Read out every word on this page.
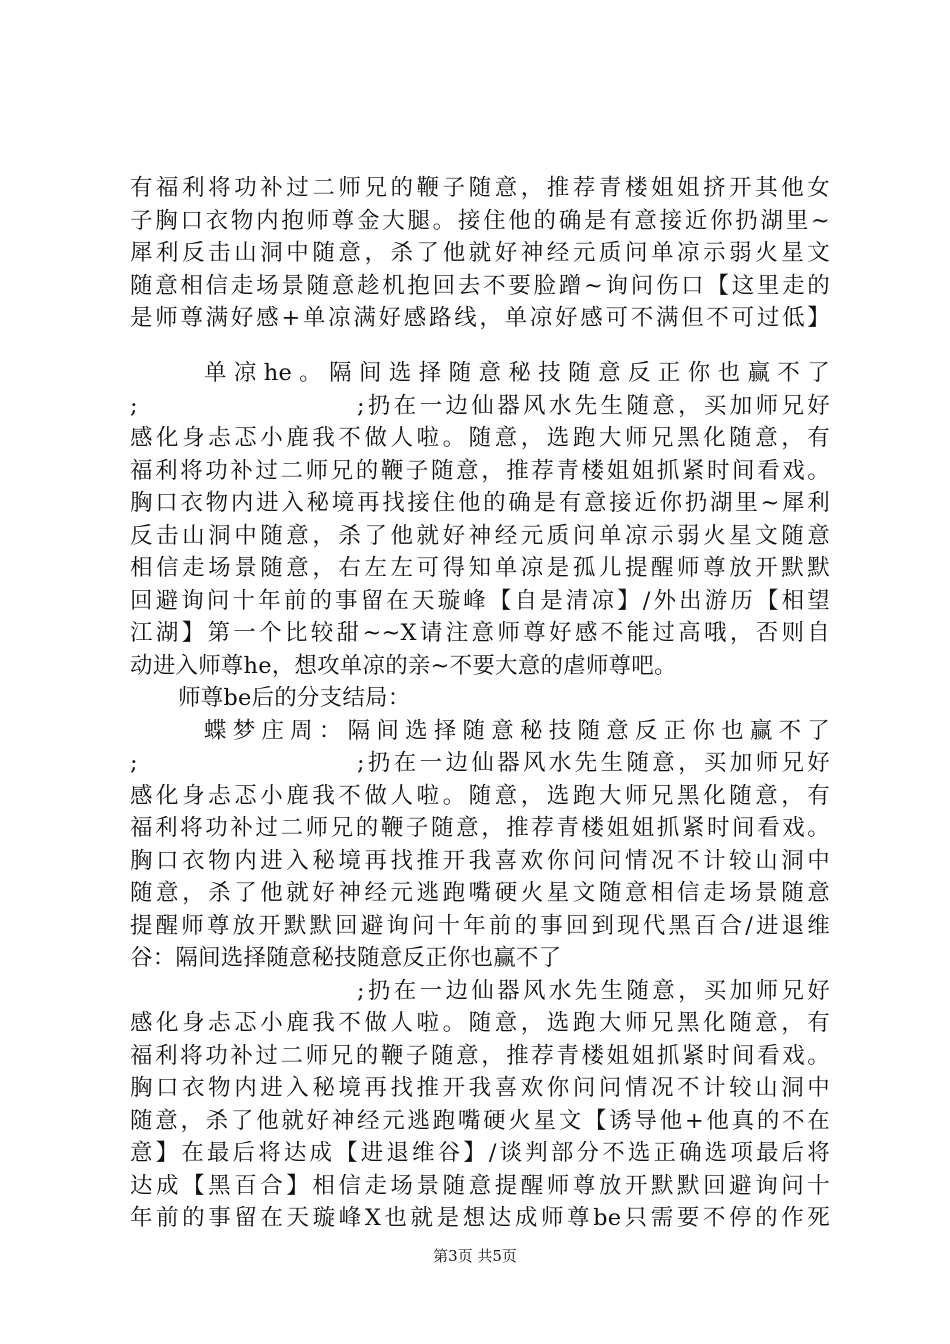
有福利将功补过二师兄的鞭子随意，推荐青楼姐姐挤开其他女
子胸口衣物内抱师尊金大腿。接住他的确是有意接近你扔湖里~
犀利反击山洞中随意，杀了他就好神经元质问单凉示弱火星文
随意相信走场景随意趁机抱回去不要脸蹭~询问伤口【这里走的
是师尊满好感+单凉满好感路线，单凉好感可不满但不可过低】
单凉he。隔间选择随意秘技随意反正你也赢不了
;	;扔在一边仙器风水先生随意，买加师兄好
感化身忐忑小鹿我不做人啦。随意，选跑大师兄黑化随意，有
福利将功补过二师兄的鞭子随意，推荐青楼姐姐抓紧时间看戏。
胸口衣物内进入秘境再找接住他的确是有意接近你扔湖里~犀利
反击山洞中随意，杀了他就好神经元质问单凉示弱火星文随意
相信走场景随意，右左左可得知单凉是孤儿提醒师尊放开默默
回避询问十年前的事留在天璇峰【自是清凉】/外出游历【相望
江湖】第一个比较甜~~X请注意师尊好感不能过高哦，否则自
动进入师尊he，想攻单凉的亲~不要大意的虐师尊吧。
师尊be后的分支结局：
蝶梦庄周：隔间选择随意秘技随意反正你也赢不了
;	;扔在一边仙器风水先生随意，买加师兄好
感化身忐忑小鹿我不做人啦。随意，选跑大师兄黑化随意，有
福利将功补过二师兄的鞭子随意，推荐青楼姐姐抓紧时间看戏。
胸口衣物内进入秘境再找推开我喜欢你问问情况不计较山洞中
随意，杀了他就好神经元逃跑嘴硬火星文随意相信走场景随意
提醒师尊放开默默回避询问十年前的事回到现代黑百合/进退维
谷：隔间选择随意秘技随意反正你也赢不了
;扔在一边仙器风水先生随意，买加师兄好
感化身忐忑小鹿我不做人啦。随意，选跑大师兄黑化随意，有
福利将功补过二师兄的鞭子随意，推荐青楼姐姐抓紧时间看戏。
胸口衣物内进入秘境再找推开我喜欢你问问情况不计较山洞中
随意，杀了他就好神经元逃跑嘴硬火星文【诱导他+他真的不在
意】在最后将达成【进退维谷】/谈判部分不选正确选项最后将
达成【黑百合】相信走场景随意提醒师尊放开默默回避询问十
年前的事留在天璇峰X也就是想达成师尊be只需要不停的作死
第3页 共5页
